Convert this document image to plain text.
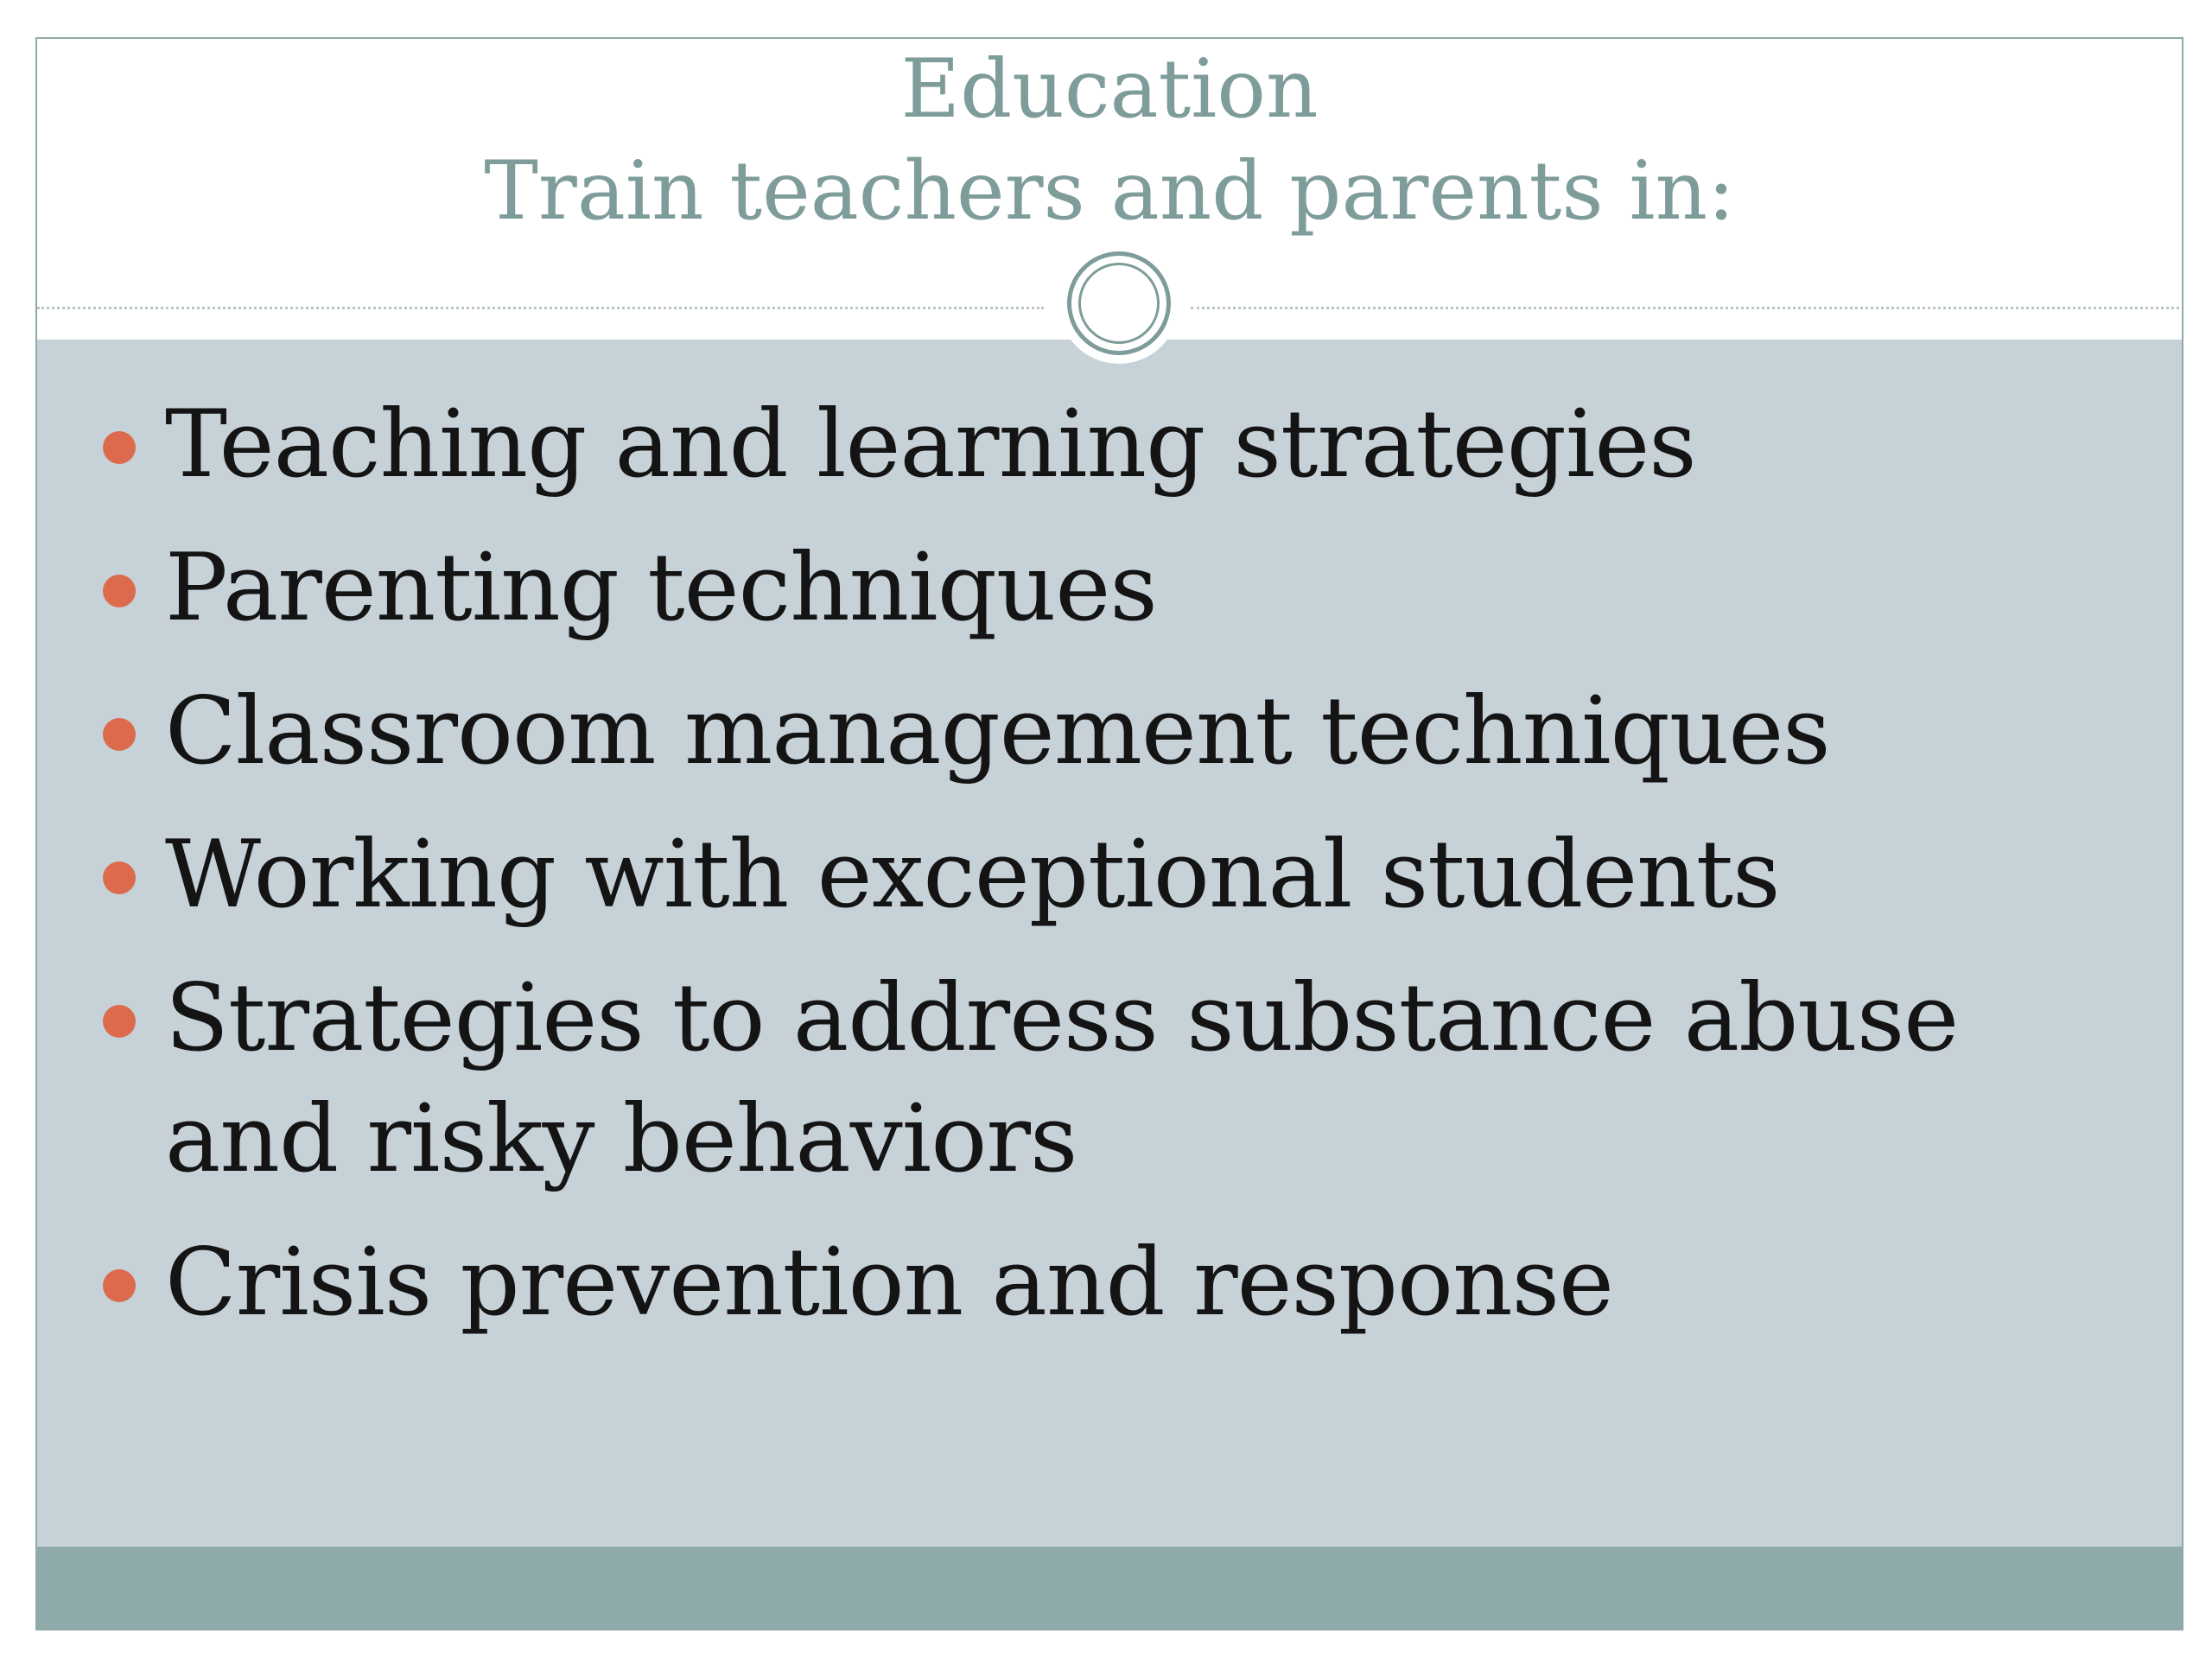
Education
Train teachers and parents in:
Teaching and learning strategies
Parenting techniques
Classroom management techniques
Working with exceptional students
Strategies to address substance abuse and risky behaviors
Crisis prevention and response
